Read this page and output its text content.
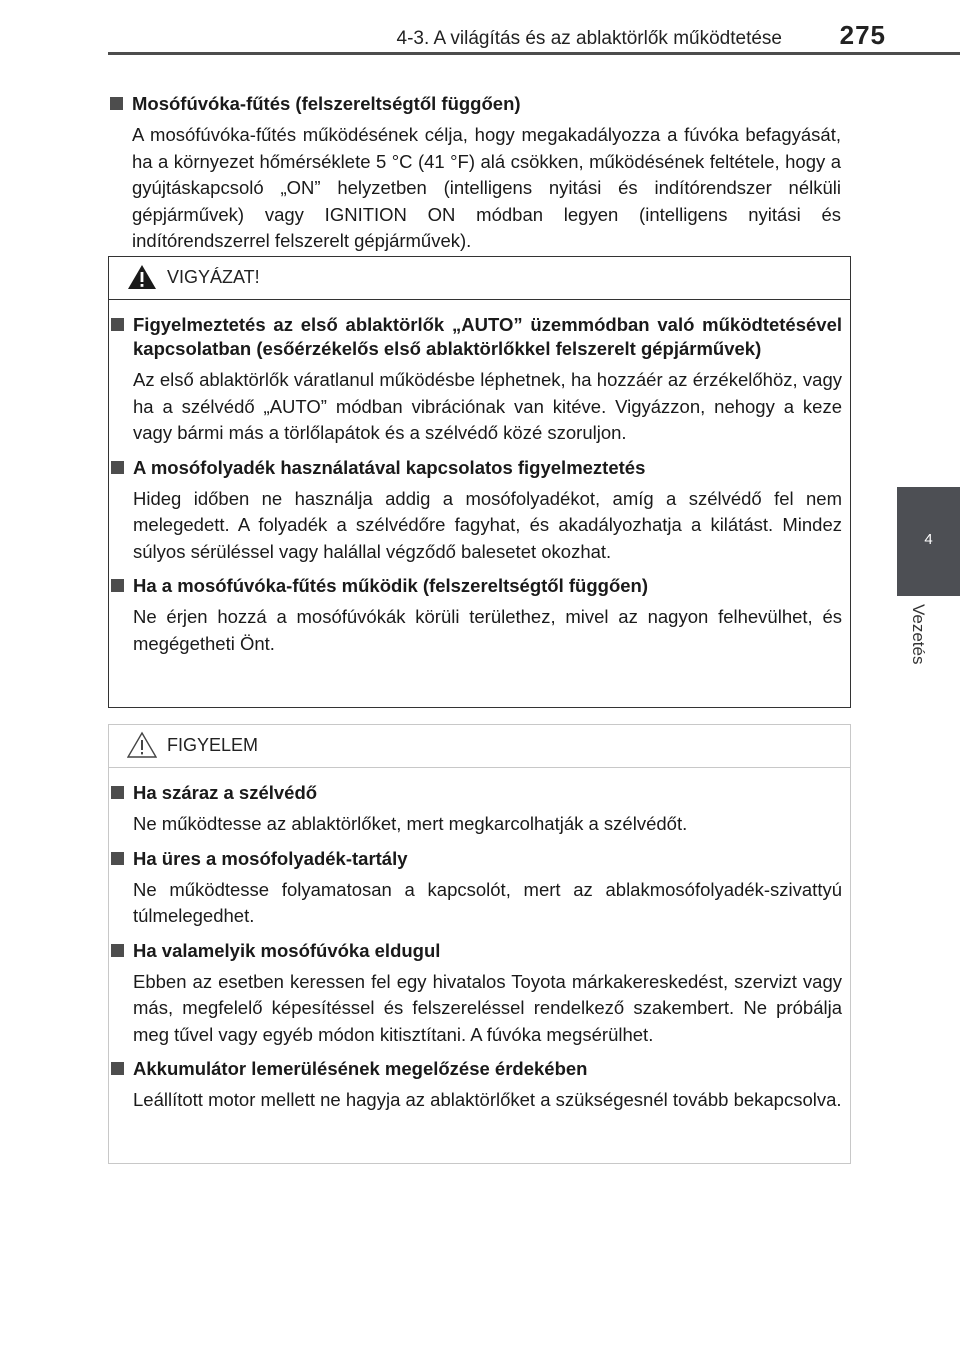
4-3. A világítás és az ablaktörlők működtetése 275
4
Vezetés
Mosófúvóka-fűtés (felszereltségtől függően)
A mosófúvóka-fűtés működésének célja, hogy megakadályozza a fúvóka befagyását, ha a környezet hőmérséklete 5 °C (41 °F) alá csökken, működésének feltétele, hogy a gyújtáskapcsoló „ON” helyzetben (intelligens nyitási és indítórendszer nélküli gépjárművek) vagy IGNITION ON módban legyen (intelligens nyitási és indítórendszerrel felszerelt gépjárművek).
VIGYÁZAT!
Figyelmeztetés az első ablaktörlők „AUTO” üzemmódban való működtetésével kapcsolatban (esőérzékelős első ablaktörlőkkel felszerelt gépjárművek)
Az első ablaktörlők váratlanul működésbe léphetnek, ha hozzáér az érzékelőhöz, vagy ha a szélvédő „AUTO” módban vibrációnak van kitéve. Vigyázzon, nehogy a keze vagy bármi más a törlőlapátok és a szélvédő közé szoruljon.
A mosófolyadék használatával kapcsolatos figyelmeztetés
Hideg időben ne használja addig a mosófolyadékot, amíg a szélvédő fel nem melegedett. A folyadék a szélvédőre fagyhat, és akadályozhatja a kilátást. Mindez súlyos sérüléssel vagy halállal végződő balesetet okozhat.
Ha a mosófúvóka-fűtés működik (felszereltségtől függően)
Ne érjen hozzá a mosófúvókák körüli területhez, mivel az nagyon felhevülhet, és megégetheti Önt.
FIGYELEM
Ha száraz a szélvédő
Ne működtesse az ablaktörlőket, mert megkarcolhatják a szélvédőt.
Ha üres a mosófolyadék-tartály
Ne működtesse folyamatosan a kapcsolót, mert az ablakmosófolyadék-szivattyú túlmelegedhet.
Ha valamelyik mosófúvóka eldugul
Ebben az esetben keressen fel egy hivatalos Toyota márkakereskedést, szervizt vagy más, megfelelő képesítéssel és felszereléssel rendelkező szakembert. Ne próbálja meg tűvel vagy egyéb módon kitisztítani. A fúvóka megsérülhet.
Akkumulátor lemerülésének megelőzése érdekében
Leállított motor mellett ne hagyja az ablaktörlőket a szükségesnél tovább bekapcsolva.
